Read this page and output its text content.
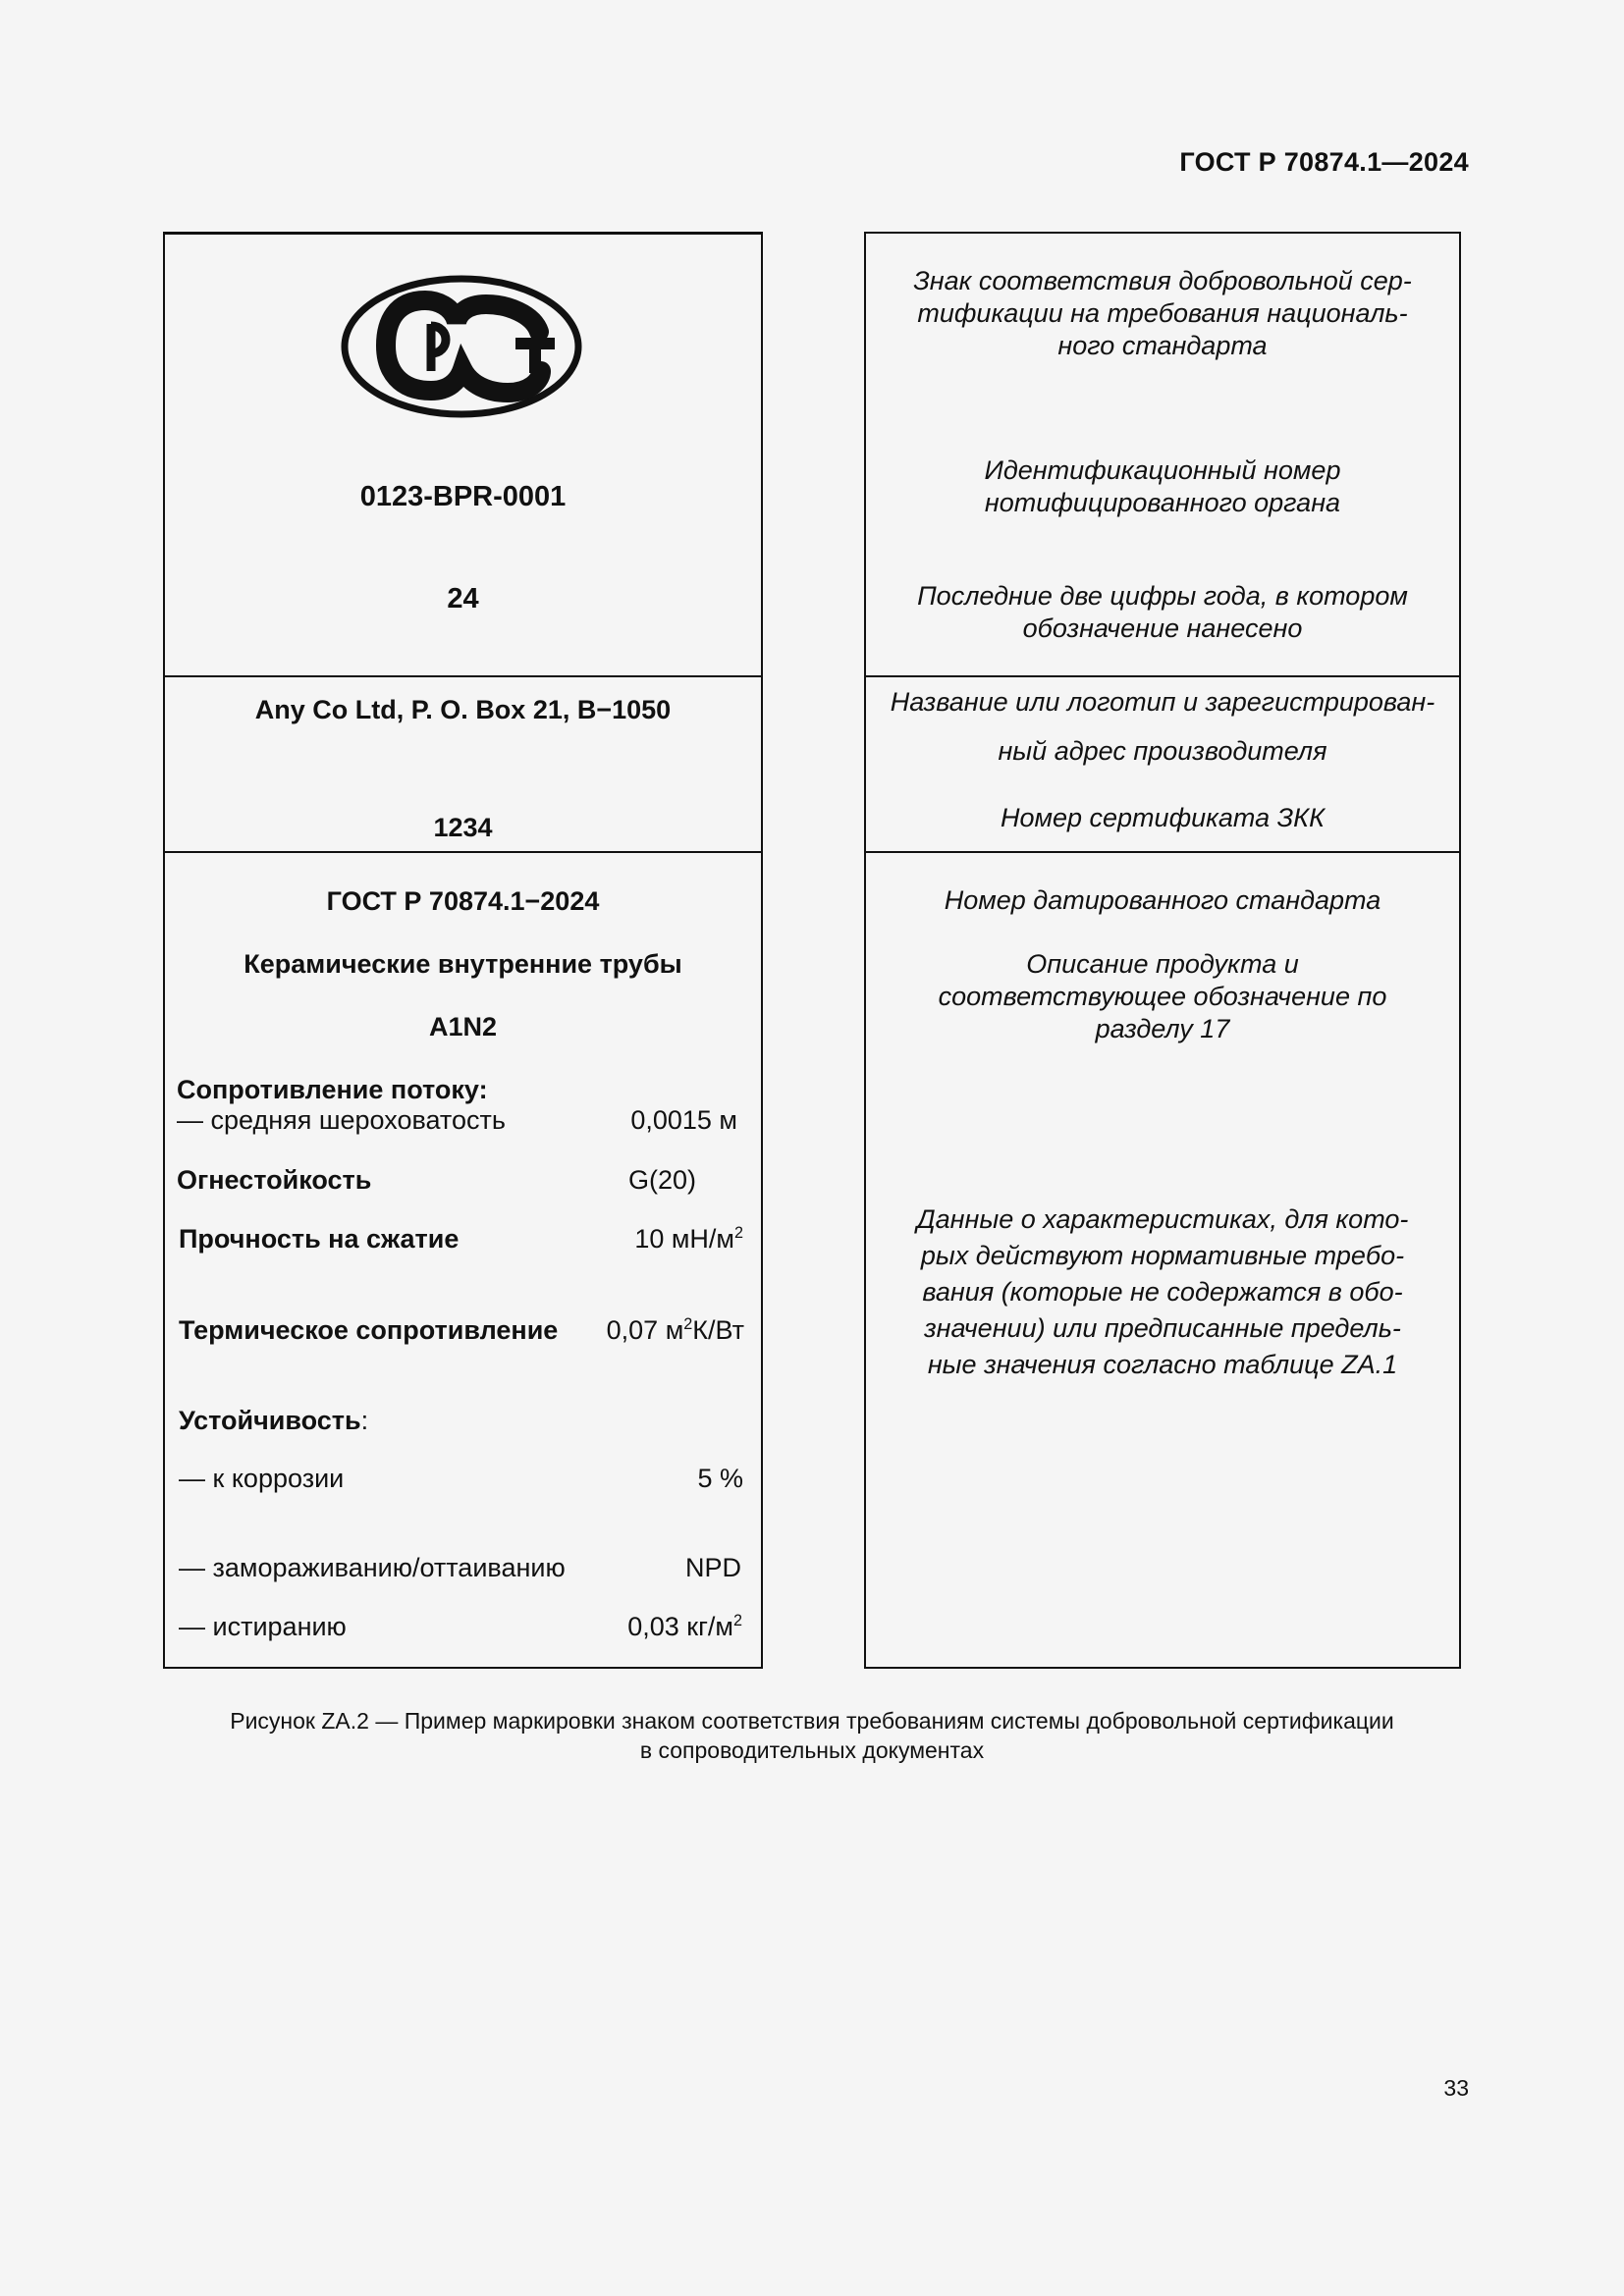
ГОСТ Р 70874.1—2024
0123-BPR-0001
24
Any Co Ltd, P. O. Box 21, B−1050
1234
ГОСТ Р 70874.1−2024
Керамические внутренние трубы
A1N2
Сопротивление потоку:
— средняя шероховатость	0,0015 м
Огнестойкость	G(20)
Прочность на сжатие	10 $мН/м^2$
Термическое сопротивление 0,07 $м^2К/Вт$
Устойчивость:
— к коррозии	5 %
— замораживанию/оттаиванию	NPD
— истиранию	0,03 $кг/м^2$
Знак соответствия добровольной сер-
тификации на требования националь-
ного стандарта
Идентификационный номер
нотифицированного органа
Последние две цифры года, в котором
обозначение нанесено
Название или логотип и зарегистрирован-
ный адрес производителя
Номер сертификата ЗКК
Номер датированного стандарта
Описание продукта и
соответствующее обозначение по
разделу 17
Данные о характеристиках, для кото-
рых действуют нормативные требо-
вания (которые не содержатся в обо-
значении) или предписанные предель-
ные значения согласно таблице ZA.1
Рисунок ZA.2 — Пример маркировки знаком соответствия требованиям системы добровольной сертификации
в сопроводительных документах
33
